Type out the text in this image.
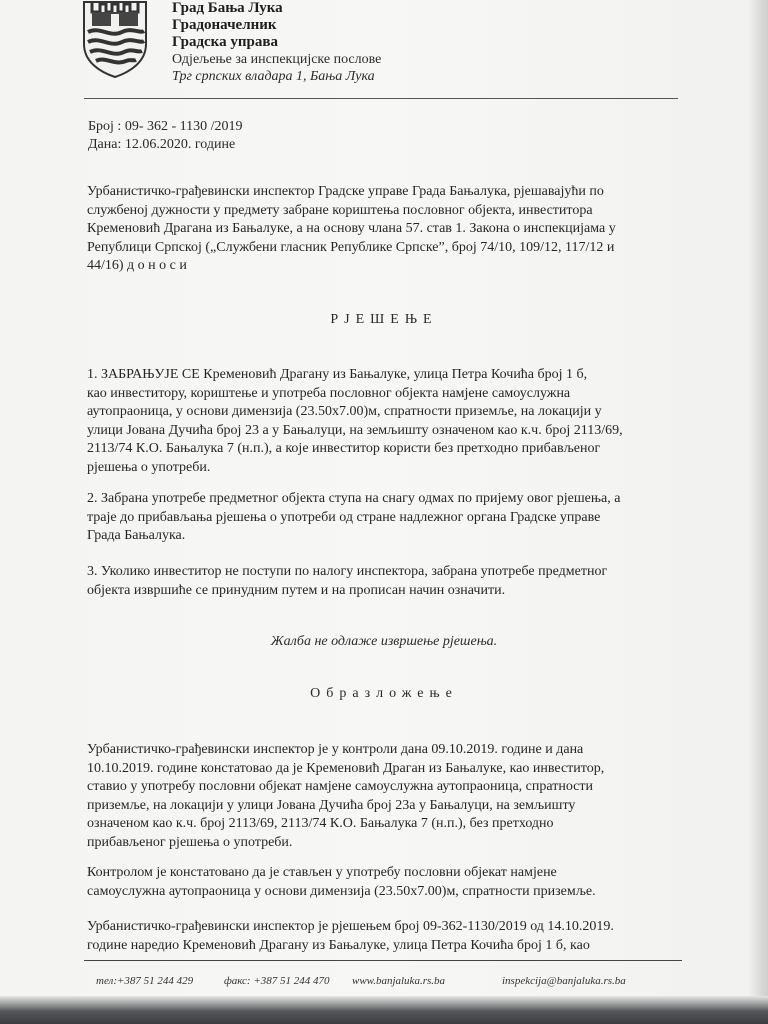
Град Бања Лука
Градоначелник
Градска управа
Одјељење за инспекцијске послове
Трг српских владара 1, Бања Лука
Број : 09- 362 - 1130 /2019
Дана: 12.06.2020. године
Урбанистичко-грађевински инспектор Градске управе Града Бањалука, рјешавајући по
службеној дужности у предмету забране кориштења пословног објекта, инвеститора
Кременовић Драгана из Бањалуке, а на основу члана 57. став 1. Закона о инспекцијама у
Републици Српској („Службени гласник Републике Српске”, број 74/10, 109/12, 117/12 и
44/16) д о н о с и
РЈЕШЕЊЕ
1. ЗАБРАЊУЈЕ СЕ Кременовић Драгану из Бањалуке, улица Петра Кочића број 1 б,
као инвеститору, кориштење и употреба пословног објекта намјене самоуслужна
аутопраоница, у основи димензија (23.50х7.00)м, спратности приземље, на локацији у
улици Јована Дучића број 23 а у Бањалуци, на земљишту означеном као к.ч. број 2113/69,
2113/74 К.О. Бањалука 7 (н.п.), а које инвеститор користи без претходно прибављеног
рјешења о употреби.
2. Забрана употребе предметног објекта ступа на снагу одмах по пријему овог рјешења, а
траје до прибављања рјешења о употреби од стране надлежног органа Градске управе
Града Бањалука.
3. Уколико инвеститор не поступи по налогу инспектора, забрана употребе предметног
објекта извршиће се принудним путем и на прописан начин означити.
Жалба не одлаже извршење рјешења.
Образложење
Урбанистичко-грађевински инспектор је у контроли дана 09.10.2019. године и дана
10.10.2019. године констатовао да је Кременовић Драган из Бањалуке, као инвеститор,
ставио у употребу пословни објекат намјене самоуслужна аутопраоница, спратности
приземље, на локацији у улици Јована Дучића број 23а у Бањалуци, на земљишту
означеном као к.ч. број 2113/69, 2113/74 К.О. Бањалука 7 (н.п.), без претходно
прибављеног рјешења о употреби.
Контролом је констатовано да је стављен у употребу пословни објекат намјене
самоуслужна аутопраоница у основи димензија (23.50х7.00)м, спратности приземље.
Урбанистичко-грађевински инспектор је рјешењем број 09-362-1130/2019 од 14.10.2019.
године наредио Кременовић Драгану из Бањалуке, улица Петра Кочића број 1 б, као
тел:+387 51 244 429	факс: +387 51 244 470 www.banjaluka.rs.ba	inspekcija@banjaluka.rs.ba
